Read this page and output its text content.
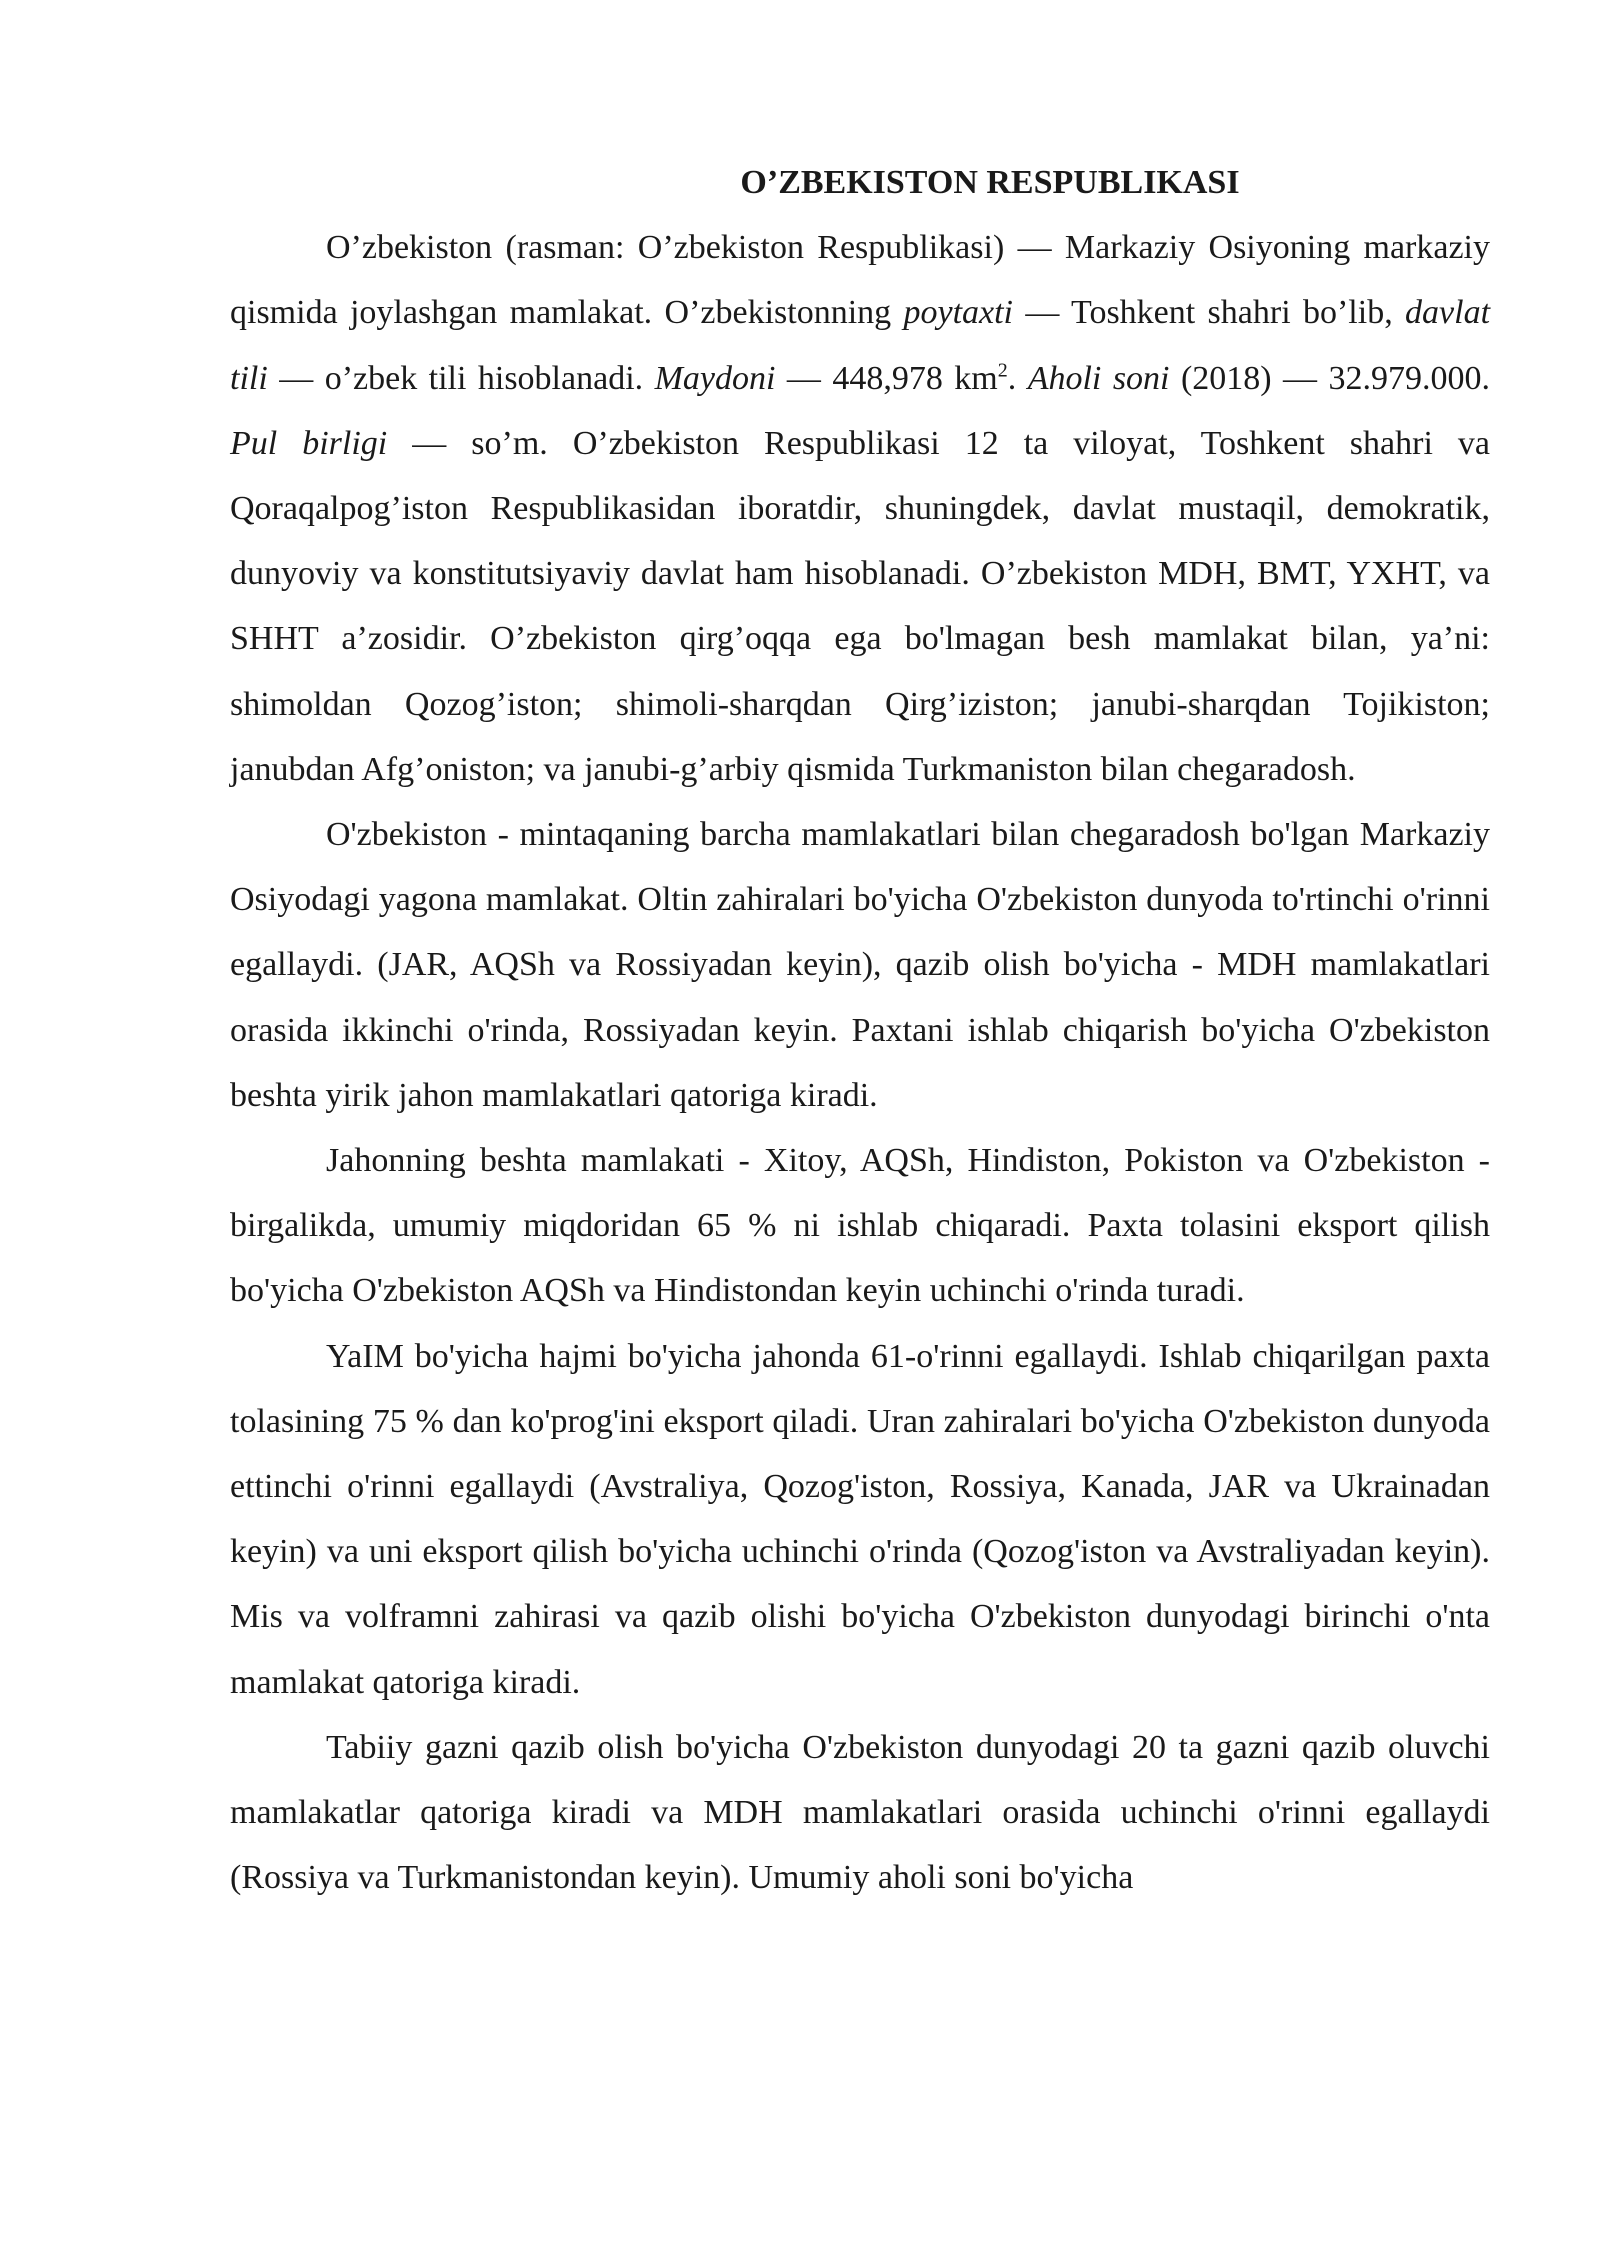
O’ZBEKISTON RESPUBLIKASI

O’zbekiston (rasman: O’zbekiston Respublikasi) — Markaziy Osiyoning markaziy qismida joylashgan mamlakat. O’zbekistonning poytaxti — Toshkent shahri bo’lib, davlat tili — o’zbek tili hisoblanadi. Maydoni — 448,978 $km^2$. Aholi soni (2018) — 32.979.000. Pul birligi — so’m. O’zbekiston Respublikasi 12 ta viloyat, Toshkent shahri va Qoraqalpog’iston Respublikasidan iboratdir, shuningdek, davlat mustaqil, demokratik, dunyoviy va konstitutsiyaviy davlat ham hisoblanadi. O’zbekiston MDH, BMT, YXHT, va SHHT a’zosidir. O’zbekiston qirg’oqqa ega bo'lmagan besh mamlakat bilan, ya’ni: shimoldan Qozog’iston; shimoli-sharqdan Qirg’iziston; janubi-sharqdan Tojikiston; janubdan Afg’oniston; va janubi-g’arbiy qismida Turkmaniston bilan chegaradosh.

O'zbekiston - mintaqaning barcha mamlakatlari bilan chegaradosh bo'lgan Markaziy Osiyodagi yagona mamlakat. Oltin zahiralari bo'yicha O'zbekiston dunyoda to'rtinchi o'rinni egallaydi. (JAR, AQSh va Rossiyadan keyin), qazib olish bo'yicha - MDH mamlakatlari orasida ikkinchi o'rinda, Rossiyadan keyin. Paxtani ishlab chiqarish bo'yicha O'zbekiston beshta yirik jahon mamlakatlari qatoriga kiradi.

Jahonning beshta mamlakati - Xitoy, AQSh, Hindiston, Pokiston va O'zbekiston - birgalikda, umumiy miqdoridan 65 % ni ishlab chiqaradi. Paxta tolasini eksport qilish bo'yicha O'zbekiston AQSh va Hindistondan keyin uchinchi o'rinda turadi.

YaIM bo'yicha hajmi bo'yicha jahonda 61-o'rinni egallaydi. Ishlab chiqarilgan paxta tolasining 75 % dan ko'prog'ini eksport qiladi. Uran zahiralari bo'yicha O'zbekiston dunyoda ettinchi o'rinni egallaydi (Avstraliya, Qozog'iston, Rossiya, Kanada, JAR va Ukrainadan keyin) va uni eksport qilish bo'yicha uchinchi o'rinda (Qozog'iston va Avstraliyadan keyin). Mis va volframni zahirasi va qazib olishi bo'yicha O'zbekiston dunyodagi birinchi o'nta mamlakat qatoriga kiradi.

Tabiiy gazni qazib olish bo'yicha O'zbekiston dunyodagi 20 ta gazni qazib oluvchi mamlakatlar qatoriga kiradi va MDH mamlakatlari orasida uchinchi o'rinni egallaydi (Rossiya va Turkmanistondan keyin). Umumiy aholi soni bo'yicha
